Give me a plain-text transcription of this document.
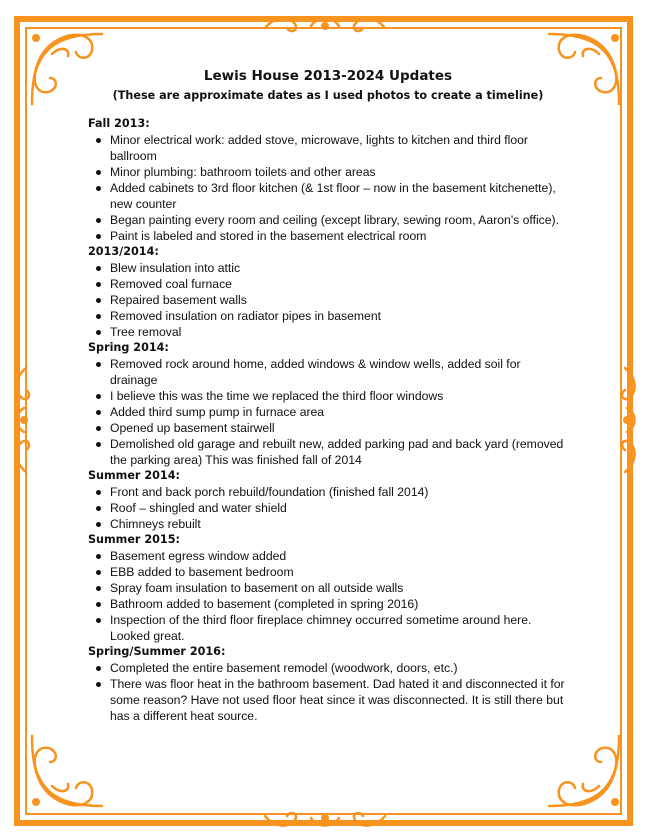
Lewis House 2013-2024 Updates

(These are approximate dates as I used photos to create a timeline)

Fall 2013:

Minor electrical work: added stove, microwave, lights to kitchen and third floor ballroom
Minor plumbing: bathroom toilets and other areas
Added cabinets to 3rd floor kitchen (& 1st floor – now in the basement kitchenette), new counter
Began painting every room and ceiling (except library, sewing room, Aaron's office).
Paint is labeled and stored in the basement electrical room

2013/2014:

Blew insulation into attic
Removed coal furnace
Repaired basement walls
Removed insulation on radiator pipes in basement
Tree removal

Spring 2014:

Removed rock around home, added windows & window wells, added soil for drainage
I believe this was the time we replaced the third floor windows
Added third sump pump in furnace area
Opened up basement stairwell
Demolished old garage and rebuilt new, added parking pad and back yard (removed the parking area) This was finished fall of 2014

Summer 2014:

Front and back porch rebuild/foundation (finished fall 2014)
Roof – shingled and water shield
Chimneys rebuilt

Summer 2015:

Basement egress window added
EBB added to basement bedroom
Spray foam insulation to basement on all outside walls
Bathroom added to basement (completed in spring 2016)
Inspection of the third floor fireplace chimney occurred sometime around here. Looked great.

Spring/Summer 2016:

Completed the entire basement remodel (woodwork, doors, etc.)
There was floor heat in the bathroom basement. Dad hated it and disconnected it for some reason? Have not used floor heat since it was disconnected. It is still there but has a different heat source.
